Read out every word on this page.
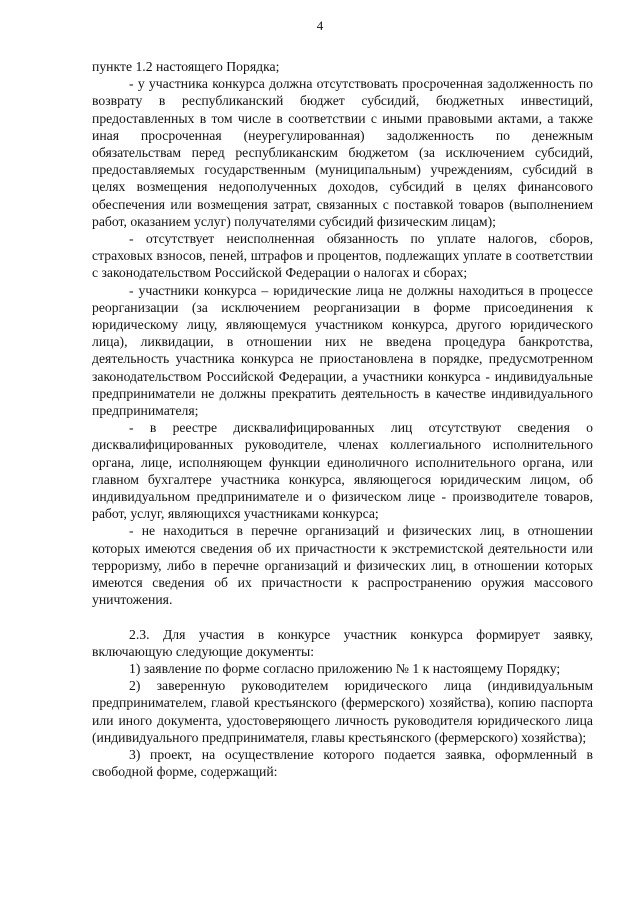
4

пункте 1.2 настоящего Порядка;

- у участника конкурса должна отсутствовать просроченная задолженность по возврату в республиканский бюджет субсидий, бюджетных инвестиций, предоставленных в том числе в соответствии с иными правовыми актами, а также иная просроченная (неурегулированная) задолженность по денежным обязательствам перед республиканским бюджетом (за исключением субсидий, предоставляемых государственным (муниципальным) учреждениям, субсидий в целях возмещения недополученных доходов, субсидий в целях финансового обеспечения или возмещения затрат, связанных с поставкой товаров (выполнением работ, оказанием услуг) получателями субсидий физическим лицам);

- отсутствует неисполненная обязанность по уплате налогов, сборов, страховых взносов, пеней, штрафов и процентов, подлежащих уплате в соответствии с законодательством Российской Федерации о налогах и сборах;

- участники конкурса – юридические лица не должны находиться в процессе реорганизации (за исключением реорганизации в форме присоединения к юридическому лицу, являющемуся участником конкурса, другого юридического лица), ликвидации, в отношении них не введена процедура банкротства, деятельность участника конкурса не приостановлена в порядке, предусмотренном законодательством Российской Федерации, а участники конкурса - индивидуальные предприниматели не должны прекратить деятельность в качестве индивидуального предпринимателя;

- в реестре дисквалифицированных лиц отсутствуют сведения о дисквалифицированных руководителе, членах коллегиального исполнительного органа, лице, исполняющем функции единоличного исполнительного органа, или главном бухгалтере участника конкурса, являющегося юридическим лицом, об индивидуальном предпринимателе и о физическом лице - производителе товаров, работ, услуг, являющихся участниками конкурса;

- не находиться в перечне организаций и физических лиц, в отношении которых имеются сведения об их причастности к экстремистской деятельности или терроризму, либо в перечне организаций и физических лиц, в отношении которых имеются сведения об их причастности к распространению оружия массового уничтожения.

2.3. Для участия в конкурсе участник конкурса формирует заявку, включающую следующие документы:

1) заявление по форме согласно приложению № 1 к настоящему Порядку;

2) заверенную руководителем юридического лица (индивидуальным предпринимателем, главой крестьянского (фермерского) хозяйства), копию паспорта или иного документа, удостоверяющего личность руководителя юридического лица (индивидуального предпринимателя, главы крестьянского (фермерского) хозяйства);

3) проект, на осуществление которого подается заявка, оформленный в свободной форме, содержащий:
